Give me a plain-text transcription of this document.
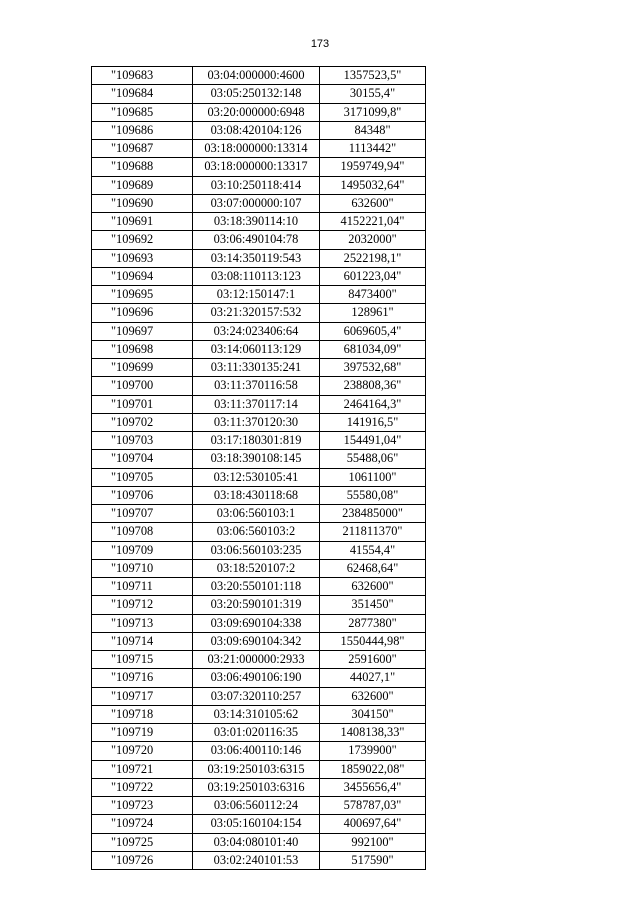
173
"109683	03:04:000000:4600	1357523,5"
"109684	03:05:250132:148	30155,4"
"109685	03:20:000000:6948	3171099,8"
"109686	03:08:420104:126	84348"
"109687	03:18:000000:13314	1113442"
"109688	03:18:000000:13317	1959749,94"
"109689	03:10:250118:414	1495032,64"
"109690	03:07:000000:107	632600"
"109691	03:18:390114:10	4152221,04"
"109692	03:06:490104:78	2032000"
"109693	03:14:350119:543	2522198,1"
"109694	03:08:110113:123	601223,04"
"109695	03:12:150147:1	8473400"
"109696	03:21:320157:532	128961"
"109697	03:24:023406:64	6069605,4"
"109698	03:14:060113:129	681034,09"
"109699	03:11:330135:241	397532,68"
"109700	03:11:370116:58	238808,36"
"109701	03:11:370117:14	2464164,3"
"109702	03:11:370120:30	141916,5"
"109703	03:17:180301:819	154491,04"
"109704	03:18:390108:145	55488,06"
"109705	03:12:530105:41	1061100"
"109706	03:18:430118:68	55580,08"
"109707	03:06:560103:1	238485000"
"109708	03:06:560103:2	211811370"
"109709	03:06:560103:235	41554,4"
"109710	03:18:520107:2	62468,64"
"109711	03:20:550101:118	632600"
"109712	03:20:590101:319	351450"
"109713	03:09:690104:338	2877380"
"109714	03:09:690104:342	1550444,98"
"109715	03:21:000000:2933	2591600"
"109716	03:06:490106:190	44027,1"
"109717	03:07:320110:257	632600"
"109718	03:14:310105:62	304150"
"109719	03:01:020116:35	1408138,33"
"109720	03:06:400110:146	1739900"
"109721	03:19:250103:6315	1859022,08"
"109722	03:19:250103:6316	3455656,4"
"109723	03:06:560112:24	578787,03"
"109724	03:05:160104:154	400697,64"
"109725	03:04:080101:40	992100"
"109726	03:02:240101:53	517590"
